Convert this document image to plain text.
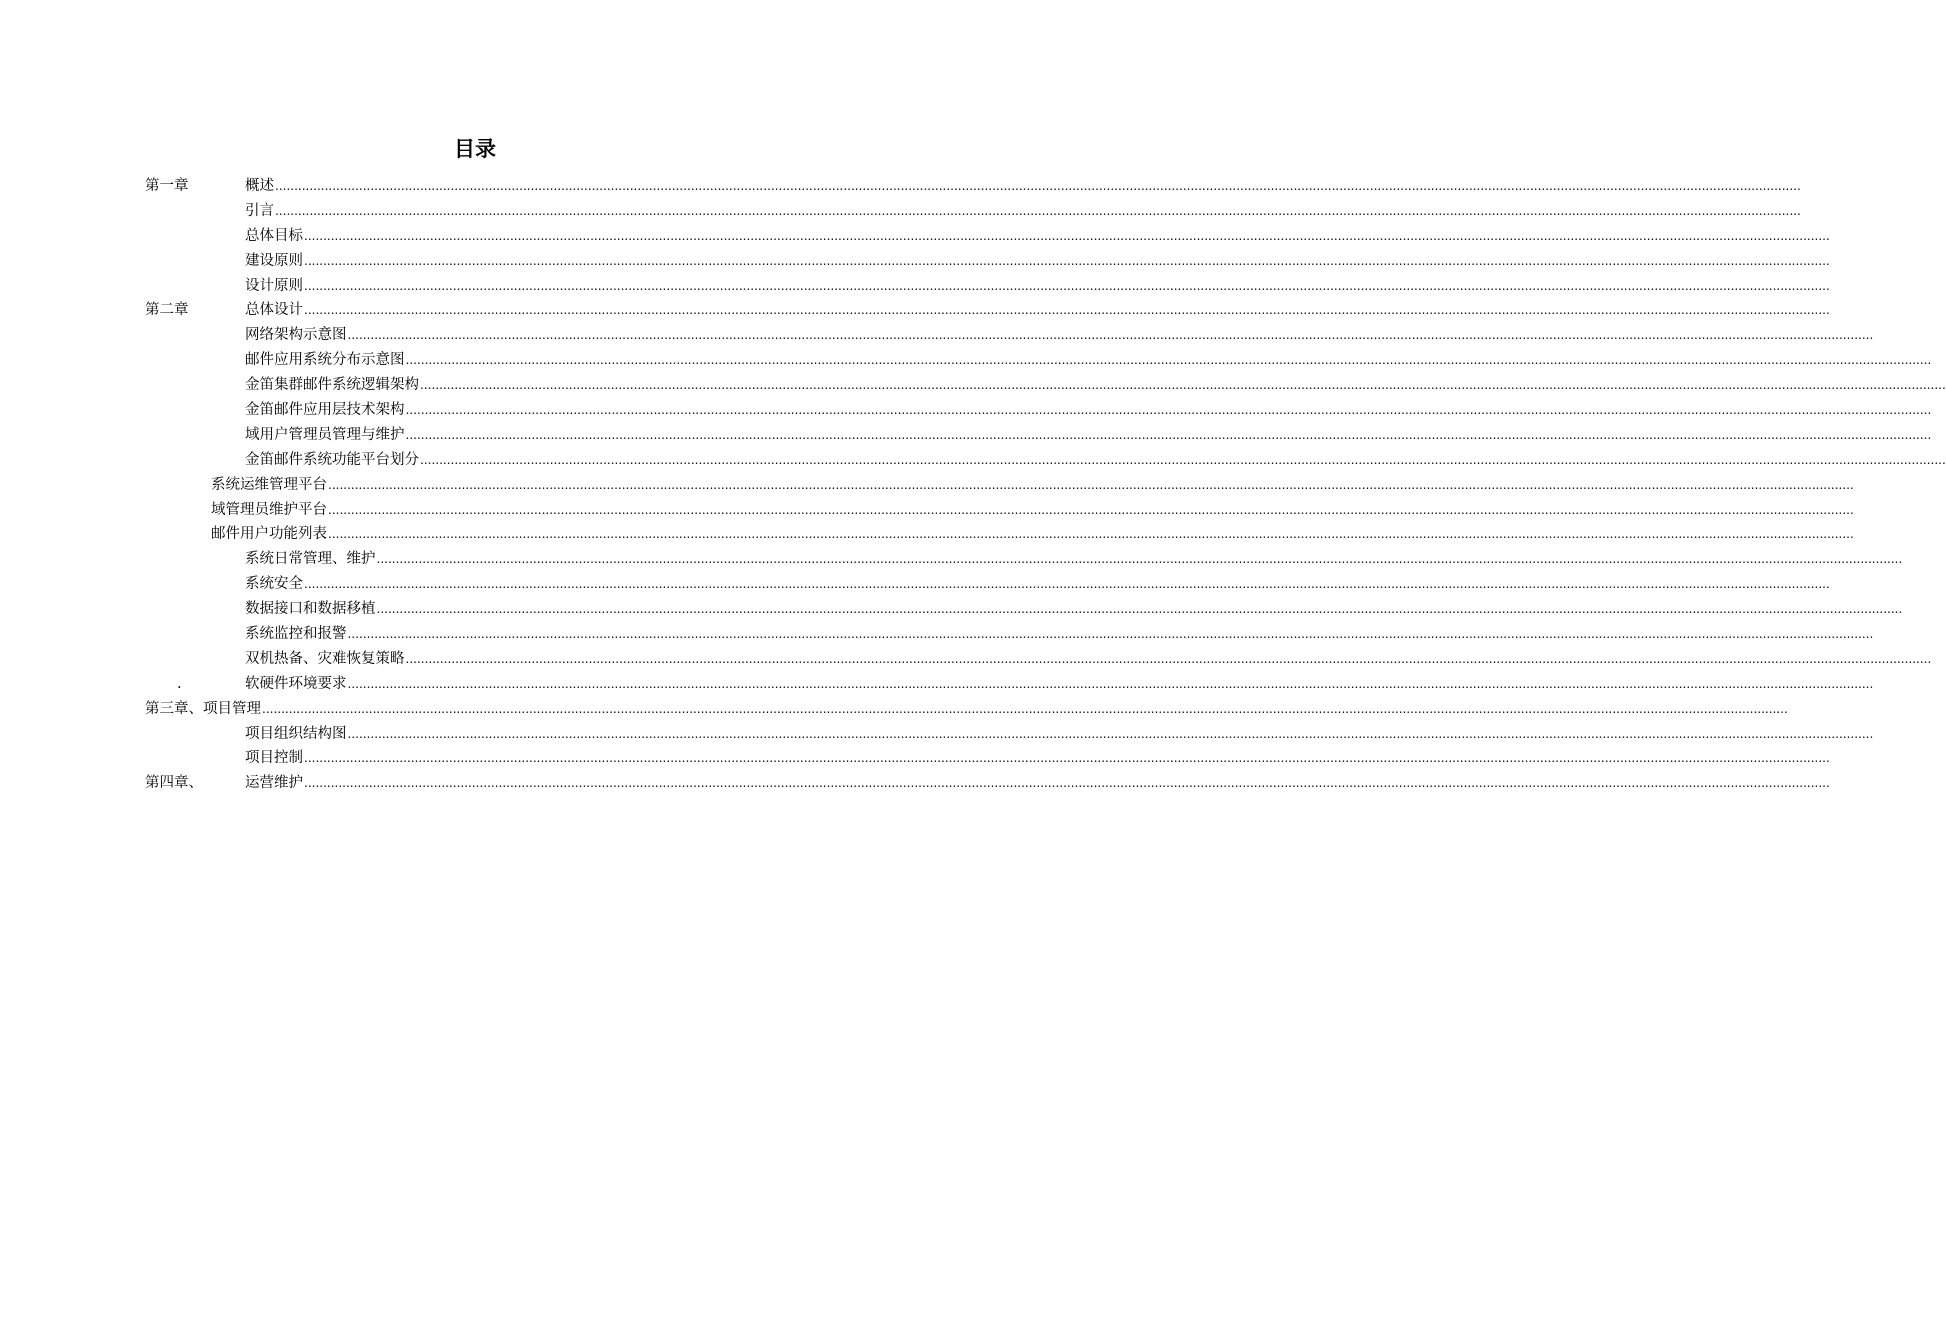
目录
第一章	概述 ................................................................................................................................................................................................................................................................................................................................................................................................................
引言 ................................................................................................................................................................................................................................................................................................................................................................................................................
总体目标 ................................................................................................................................................................................................................................................................................................................................................................................................................
建设原则 ................................................................................................................................................................................................................................................................................................................................................................................................................
设计原则 ................................................................................................................................................................................................................................................................................................................................................................................................................
第二章	总体设计 ................................................................................................................................................................................................................................................................................................................................................................................................................
网络架构示意图 ................................................................................................................................................................................................................................................................................................................................................................................................................
邮件应用系统分布示意图 ................................................................................................................................................................................................................................................................................................................................................................................................................
金笛集群邮件系统逻辑架构 ................................................................................................................................................................................................................................................................................................................................................................................................................
金笛邮件应用层技术架构 ................................................................................................................................................................................................................................................................................................................................................................................................................
域用户管理员管理与维护 ................................................................................................................................................................................................................................................................................................................................................................................................................
金笛邮件系统功能平台划分 ................................................................................................................................................................................................................................................................................................................................................................................................................
系统运维管理平台 ................................................................................................................................................................................................................................................................................................................................................................................................................
域管理员维护平台 ................................................................................................................................................................................................................................................................................................................................................................................................................
邮件用户功能列表 ................................................................................................................................................................................................................................................................................................................................................................................................................
系统日常管理、维护 ................................................................................................................................................................................................................................................................................................................................................................................................................
系统安全 ................................................................................................................................................................................................................................................................................................................................................................................................................
数据接口和数据移植 ................................................................................................................................................................................................................................................................................................................................................................................................................
系统监控和报警 ................................................................................................................................................................................................................................................................................................................................................................................................................
双机热备、灾难恢复策略 ................................................................................................................................................................................................................................................................................................................................................................................................................
.	软硬件环境要求 ................................................................................................................................................................................................................................................................................................................................................................................................................
第三章、项目管理 ................................................................................................................................................................................................................................................................................................................................................................................................................
项目组织结构图 ................................................................................................................................................................................................................................................................................................................................................................................................................
项目控制 ................................................................................................................................................................................................................................................................................................................................................................................................................
第四章、	运营维护 ................................................................................................................................................................................................................................................................................................................................................................................................................
